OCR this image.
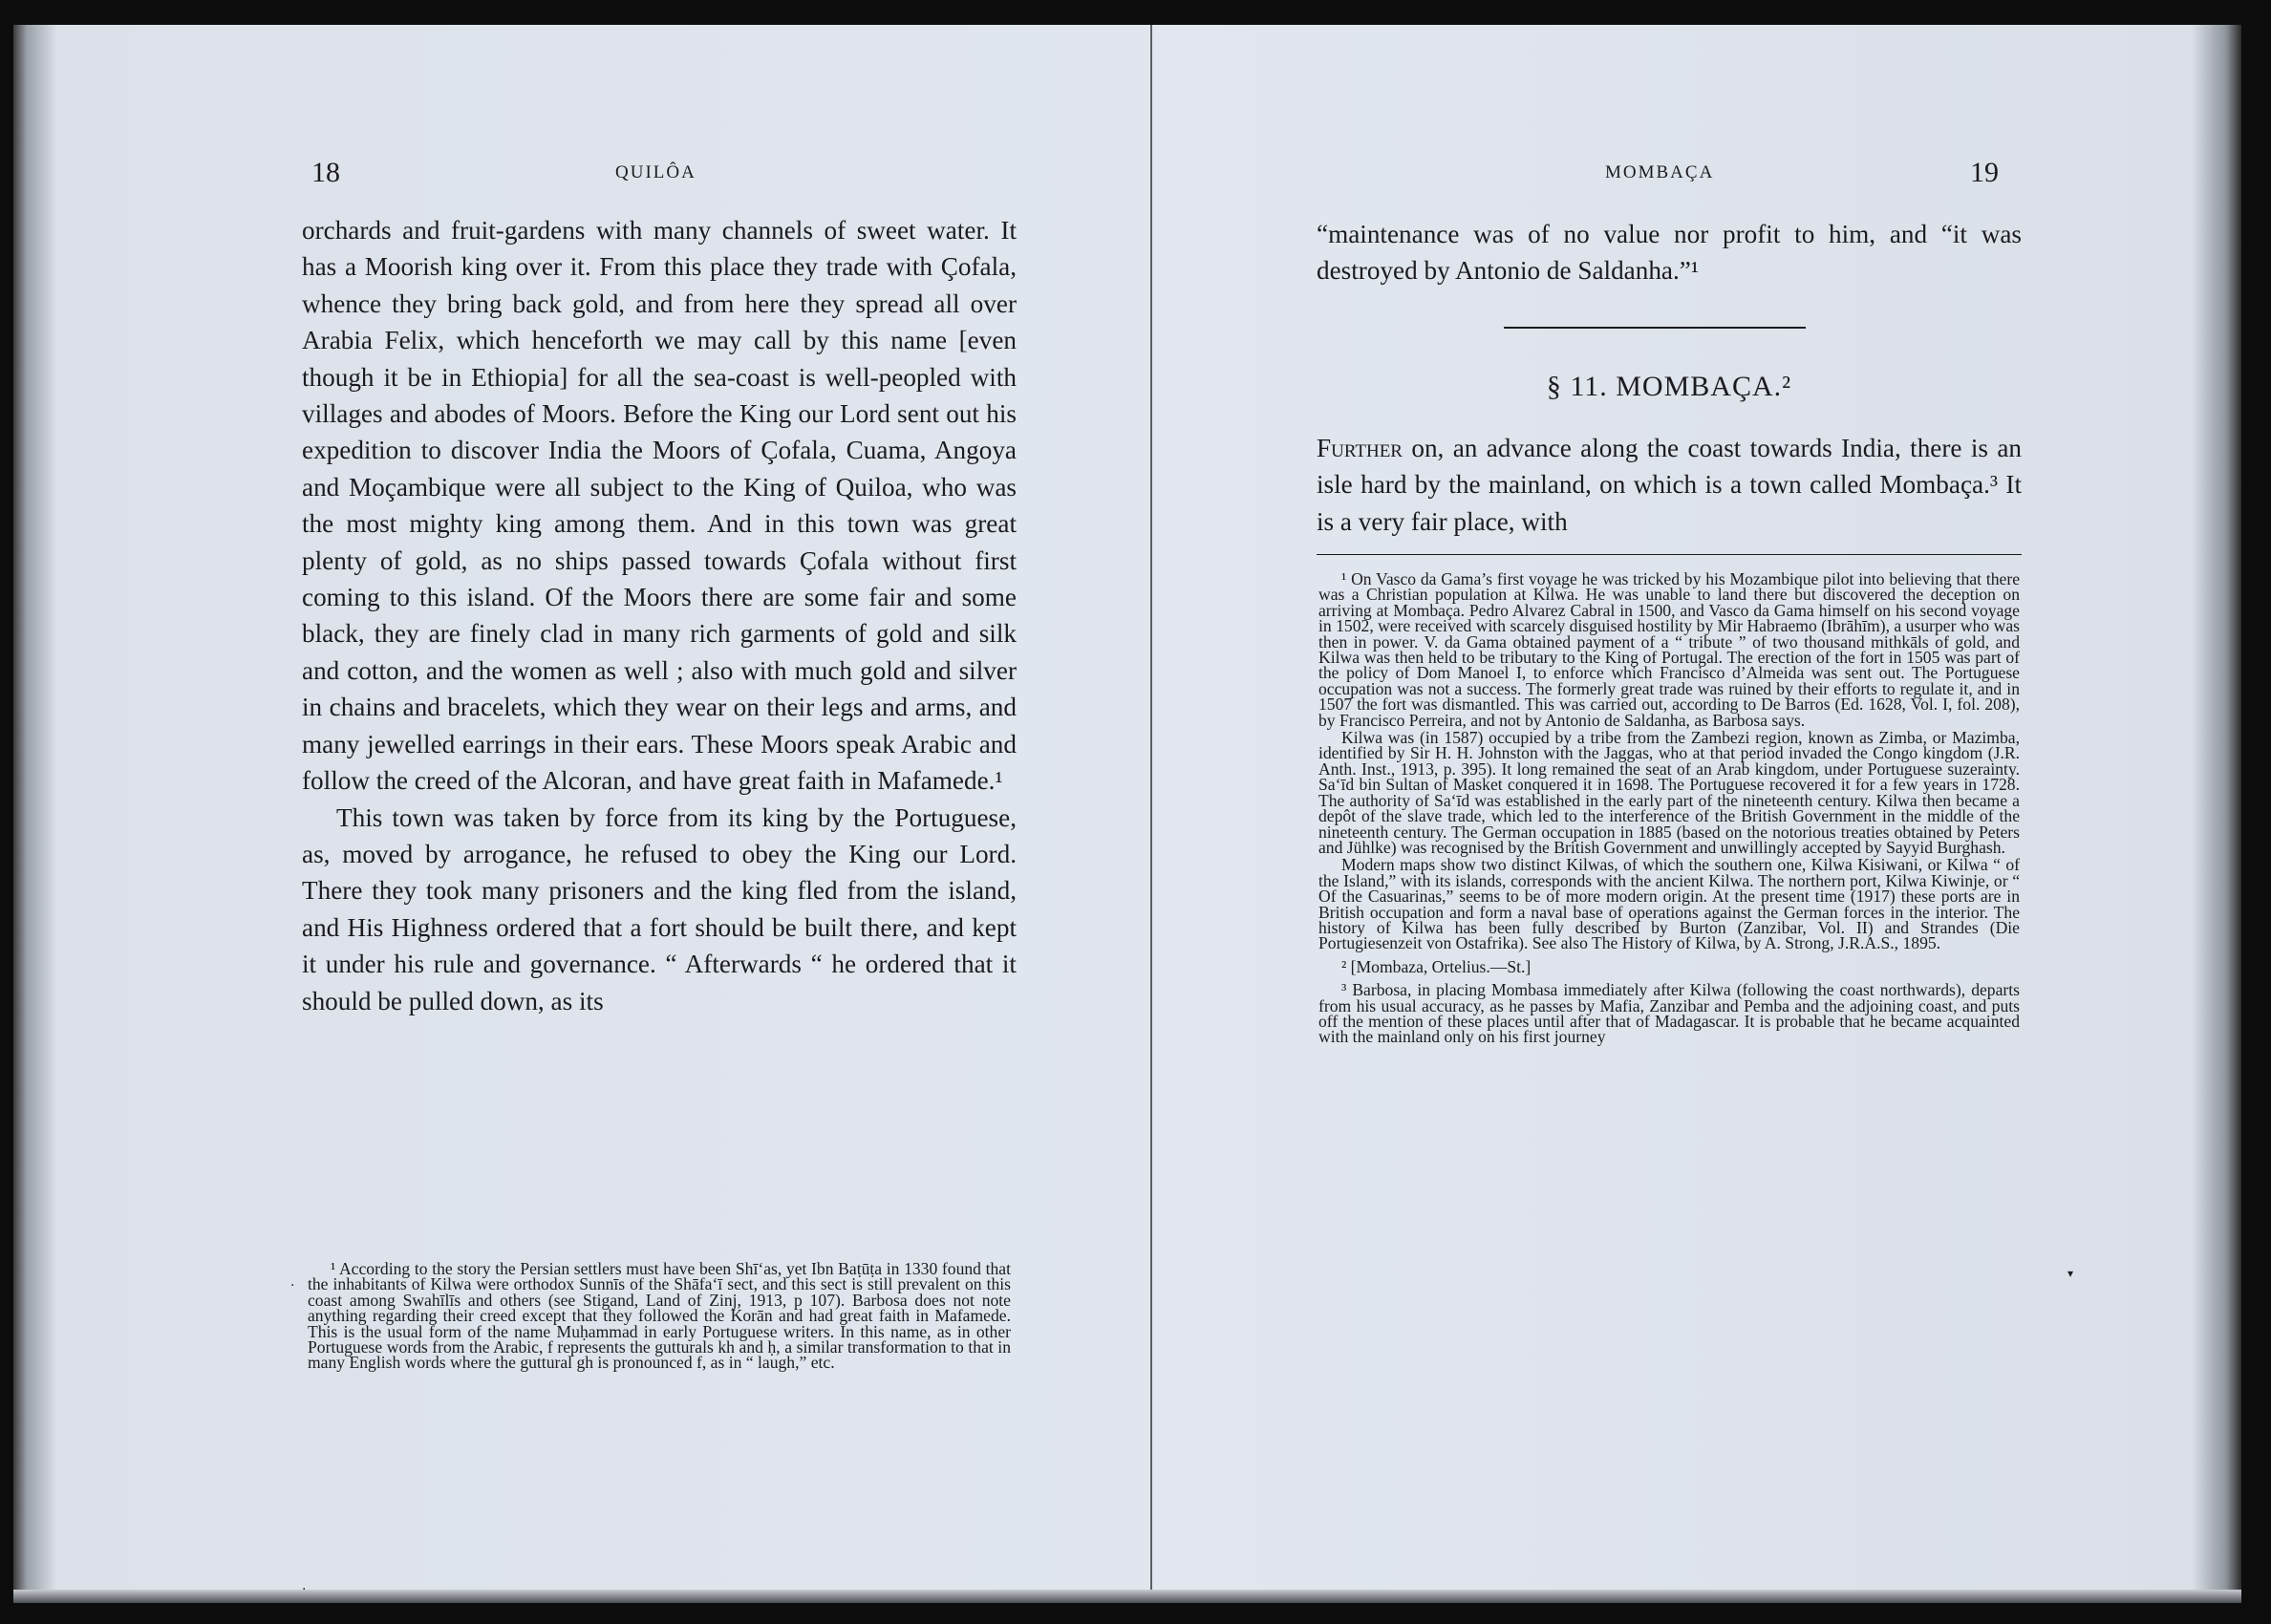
18	QUILÔA

orchards and fruit-gardens with many channels of sweet water. It has a Moorish king over it. From this place they trade with Çofala, whence they bring back gold, and from here they spread all over Arabia Felix, which henceforth we may call by this name [even though it be in Ethiopia] for all the sea-coast is well-peopled with villages and abodes of Moors. Before the King our Lord sent out his expedition to discover India the Moors of Çofala, Cuama, Angoya and Moçambique were all subject to the King of Quiloa, who was the most mighty king among them. And in this town was great plenty of gold, as no ships passed towards Çofala without first coming to this island. Of the Moors there are some fair and some black, they are finely clad in many rich garments of gold and silk and cotton, and the women as well ; also with much gold and silver in chains and bracelets, which they wear on their legs and arms, and many jewelled earrings in their ears. These Moors speak Arabic and follow the creed of the Alcoran, and have great faith in Mafamede.¹

This town was taken by force from its king by the Portuguese, as, moved by arrogance, he refused to obey the King our Lord. There they took many prisoners and the king fled from the island, and His Highness ordered that a fort should be built there, and kept it under his rule and governance. “ Afterwards “ he ordered that it should be pulled down, as its

¹ According to the story the Persian settlers must have been Shī‘as, yet Ibn Baṭūṭa in 1330 found that the inhabitants of Kilwa were orthodox Sunnīs of the Shāfa‘ī sect, and this sect is still prevalent on this coast among Swahīlīs and others (see Stigand, Land of Zinj, 1913, p 107). Barbosa does not note anything regarding their creed except that they followed the Korān and had great faith in Mafamede. This is the usual form of the name Muḥammad in early Portuguese writers. In this name, as in other Portuguese words from the Arabic, f represents the gutturals kh and ḥ, a similar transformation to that in many English words where the guttural gh is pronounced f, as in “ laugh,” etc.

·
MOMBAÇA	19

“maintenance was of no value nor profit to him, and “it was destroyed by Antonio de Saldanha.”¹

§ 11. MOMBAÇA.²

Further on, an advance along the coast towards India, there is an isle hard by the mainland, on which is a town called Mombaça.³ It is a very fair place, with

¹ On Vasco da Gama’s first voyage he was tricked by his Mozambique pilot into believing that there was a Christian population at Kilwa. He was unable to land there but discovered the deception on arriving at Mombaça. Pedro Alvarez Cabral in 1500, and Vasco da Gama himself on his second voyage in 1502, were received with scarcely disguised hostility by Mir Habraemo (Ibrāhīm), a usurper who was then in power. V. da Gama obtained payment of a “ tribute ” of two thousand mithkāls of gold, and Kilwa was then held to be tributary to the King of Portugal. The erection of the fort in 1505 was part of the policy of Dom Manoel I, to enforce which Francisco d’Almeida was sent out. The Portuguese occupation was not a success. The formerly great trade was ruined by their efforts to regulate it, and in 1507 the fort was dismantled. This was carried out, according to De Barros (Ed. 1628, Vol. I, fol. 208), by Francisco Perreira, and not by Antonio de Saldanha, as Barbosa says.

Kilwa was (in 1587) occupied by a tribe from the Zambezi region, known as Zimba, or Mazimba, identified by Sir H. H. Johnston with the Jaggas, who at that period invaded the Congo kingdom (J.R. Anth. Inst., 1913, p. 395). It long remained the seat of an Arab kingdom, under Portuguese suzerainty. Sa‘īd bin Sultan of Masket conquered it in 1698. The Portuguese recovered it for a few years in 1728. The authority of Sa‘īd was established in the early part of the nineteenth century. Kilwa then became a depôt of the slave trade, which led to the interference of the British Government in the middle of the nineteenth century. The German occupation in 1885 (based on the notorious treaties obtained by Peters and Jühlke) was recognised by the British Government and unwillingly accepted by Sayyid Burghash.

Modern maps show two distinct Kilwas, of which the southern one, Kilwa Kisiwani, or Kilwa “ of the Island,” with its islands, corresponds with the ancient Kilwa. The northern port, Kilwa Kiwinje, or “ Of the Casuarinas,” seems to be of more modern origin. At the present time (1917) these ports are in British occupation and form a naval base of operations against the German forces in the interior. The history of Kilwa has been fully described by Burton (Zanzibar, Vol. II) and Strandes (Die Portugiesenzeit von Ostafrika). See also The History of Kilwa, by A. Strong, J.R.A.S., 1895.

² [Mombaza, Ortelius.—St.]

³ Barbosa, in placing Mombasa immediately after Kilwa (following the coast northwards), departs from his usual accuracy, as he passes by Mafia, Zanzibar and Pemba and the adjoining coast, and puts off the mention of these places until after that of Madagascar. It is probable that he became acquainted with the mainland only on his first journey

▾
